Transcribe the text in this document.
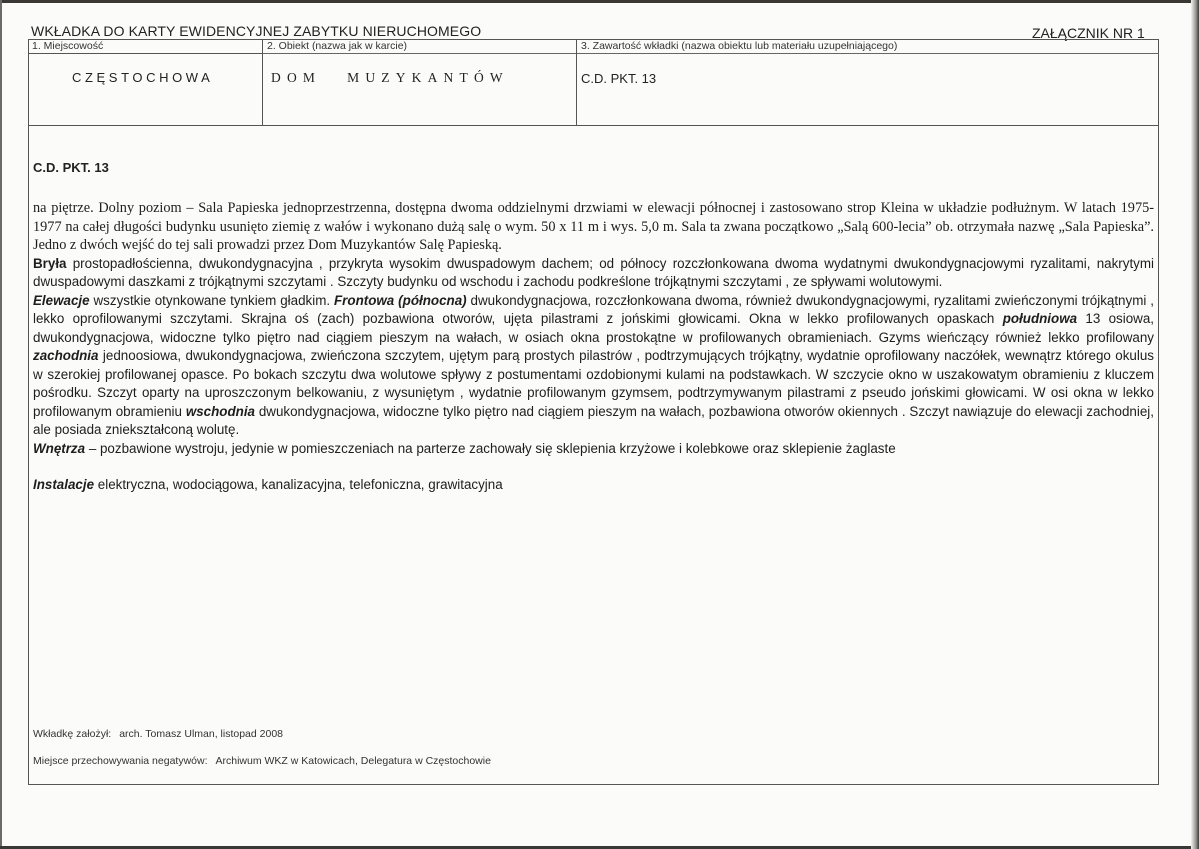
WKŁADKA DO KARTY EWIDENCYJNEJ ZABYTKU NIERUCHOMEGO	ZAŁĄCZNIK NR 1
1. Miejscowość
CZĘSTOCHOWA
2. Obiekt (nazwa jak w karcie)
DOM MUZYKANTÓW
3. Zawartość wkładki (nazwa obiektu lub materiału uzupełniającego)
C.D. PKT. 13
C.D. PKT. 13

na piętrze. Dolny poziom – Sala Papieska jednoprzestrzenna, dostępna dwoma oddzielnymi drzwiami w elewacji północnej i zastosowano strop Kleina w układzie podłużnym. W latach 1975-1977 na całej długości budynku usunięto ziemię z wałów i wykonano dużą salę o wym. 50 x 11 m i wys. 5,0 m. Sala ta zwana początkowo „Salą 600-lecia” ob. otrzymała nazwę „Sala Papieska”. Jedno z dwóch wejść do tej sali prowadzi przez Dom Muzykantów Salę Papieską.

Bryła prostopadłościenna, dwukondygnacyjna , przykryta wysokim dwuspadowym dachem; od północy rozczłonkowana dwoma wydatnymi dwukondygnacjowymi ryzalitami, nakrytymi dwuspadowymi daszkami z trójkątnymi szczytami . Szczyty budynku od wschodu i zachodu podkreślone trójkątnymi szczytami , ze spływami wolutowymi.

Elewacje wszystkie otynkowane tynkiem gładkim. Frontowa (północna) dwukondygnacjowa, rozczłonkowana dwoma, również dwukondygnacjowymi, ryzalitami zwieńczonymi trójkątnymi , lekko oprofilowanymi szczytami. Skrajna oś (zach) pozbawiona otworów, ujęta pilastrami z jońskimi głowicami. Okna w lekko profilowanych opaskach południowa 13 osiowa, dwukondygnacjowa, widoczne tylko piętro nad ciągiem pieszym na wałach, w osiach okna prostokątne w profilowanych obramieniach. Gzyms wieńczący również lekko profilowany zachodnia jednoosiowa, dwukondygnacjowa, zwieńczona szczytem, ujętym parą prostych pilastrów , podtrzymujących trójkątny, wydatnie oprofilowany naczółek, wewnątrz którego okulus w szerokiej profilowanej opasce. Po bokach szczytu dwa wolutowe spływy z postumentami ozdobionymi kulami na podstawkach. W szczycie okno w uszakowatym obramieniu z kluczem pośrodku. Szczyt oparty na uproszczonym belkowaniu, z wysuniętym , wydatnie profilowanym gzymsem, podtrzymywanym pilastrami z pseudo jońskimi głowicami. W osi okna w lekko profilowanym obramieniu wschodnia dwukondygnacjowa, widoczne tylko piętro nad ciągiem pieszym na wałach, pozbawiona otworów okiennych . Szczyt nawiązuje do elewacji zachodniej, ale posiada zniekształconą wolutę.

Wnętrza – pozbawione wystroju, jedynie w pomieszczeniach na parterze zachowały się sklepienia krzyżowe i kolebkowe oraz sklepienie żaglaste

Instalacje elektryczna, wodociągowa, kanalizacyjna, telefoniczna, grawitacyjna

Wkładkę założył: arch. Tomasz Ulman, listopad 2008
Miejsce przechowywania negatywów: Archiwum WKZ w Katowicach, Delegatura w Częstochowie
